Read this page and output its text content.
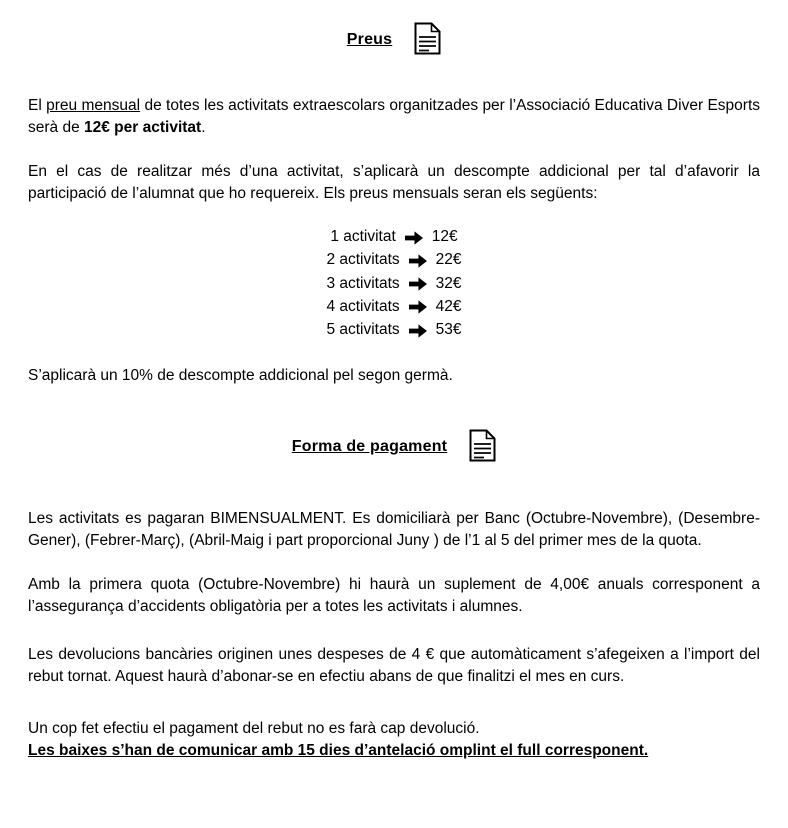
Preus

El preu mensual de totes les activitats extraescolars organitzades per l’Associació Educativa Diver Esports serà de 12€ per activitat.

En el cas de realitzar més d’una activitat, s’aplicarà un descompte addicional per tal d’afavorir la participació de l’alumnat que ho requereix. Els preus mensuals seran els següents:

1 activitat 12€
2 activitats 22€
3 activitats 32€
4 activitats 42€
5 activitats 53€

S’aplicarà un 10% de descompte addicional pel segon germà.

Forma de pagament

Les activitats es pagaran BIMENSUALMENT. Es domiciliarà per Banc (Octubre-Novembre), (Desembre-Gener), (Febrer-Març), (Abril-Maig i part proporcional Juny ) de l’1 al 5 del primer mes de la quota.

Amb la primera quota (Octubre-Novembre) hi haurà un suplement de 4,00€ anuals corresponent a l’assegurança d’accidents obligatòria per a totes les activitats i alumnes.

Les devolucions bancàries originen unes despeses de 4 € que automàticament s’afegeixen a l’import del rebut tornat. Aquest haurà d’abonar-se en efectiu abans de que finalitzi el mes en curs.

Un cop fet efectiu el pagament del rebut no es farà cap devolució.

Les baixes s’han de comunicar amb 15 dies d’antelació omplint el full corresponent.
